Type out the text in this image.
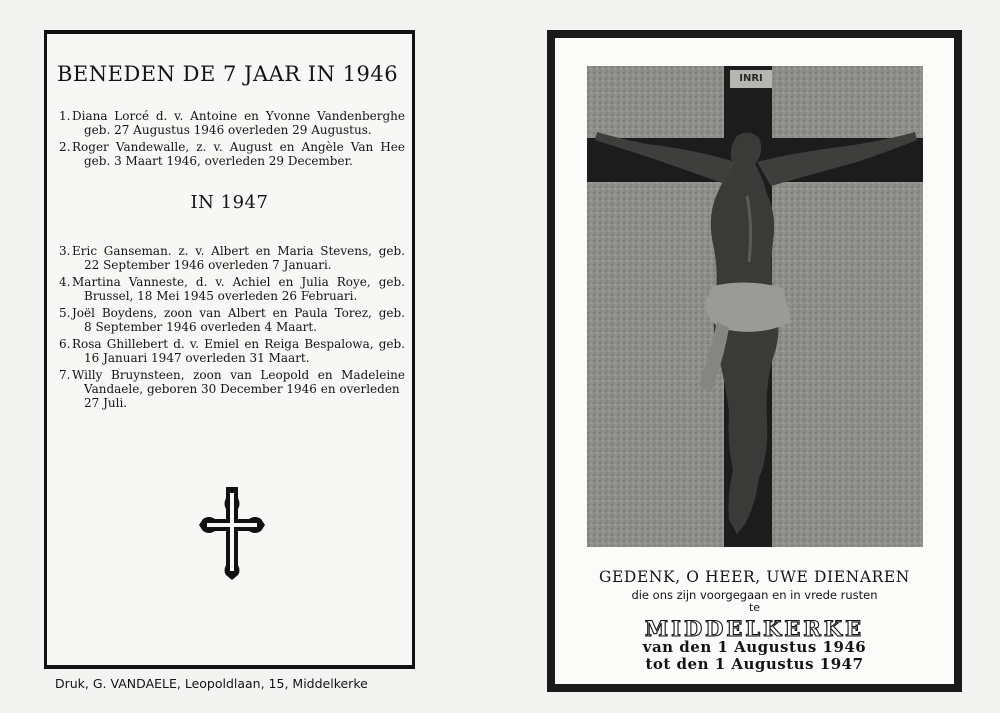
BENEDEN DE 7 JAAR IN 1946
1. Diana Lorcé d. v. Antoine en Yvonne Vandenberghe
geb. 27 Augustus 1946 overleden 29 Augustus.
2. Roger Vandewalle, z. v. August en Angèle Van Hee
geb. 3 Maart 1946, overleden 29 December.
IN 1947
3. Eric Ganseman. z. v. Albert en Maria Stevens, geb.
22 September 1946 overleden 7 Januari.
4. Martina Vanneste, d. v. Achiel en Julia Roye, geb.
Brussel, 18 Mei 1945 overleden 26 Februari.
5. Joël Boydens, zoon van Albert en Paula Torez, geb.
8 September 1946 overleden 4 Maart.
6. Rosa Ghillebert d. v. Emiel en Reiga Bespalowa, geb.
16 Januari 1947 overleden 31 Maart.
7. Willy Bruynsteen, zoon van Leopold en Madeleine
Vandaele, geboren 30 December 1946 en overleden
27 Juli.
Druk, G. VANDAELE, Leopoldlaan, 15, Middelkerke
INRI
GEDENK, O HEER, UWE DIENAREN
die ons zijn voorgegaan en in vrede rusten
te
MIDDELKERKE
van den 1 Augustus 1946
tot den 1 Augustus 1947
